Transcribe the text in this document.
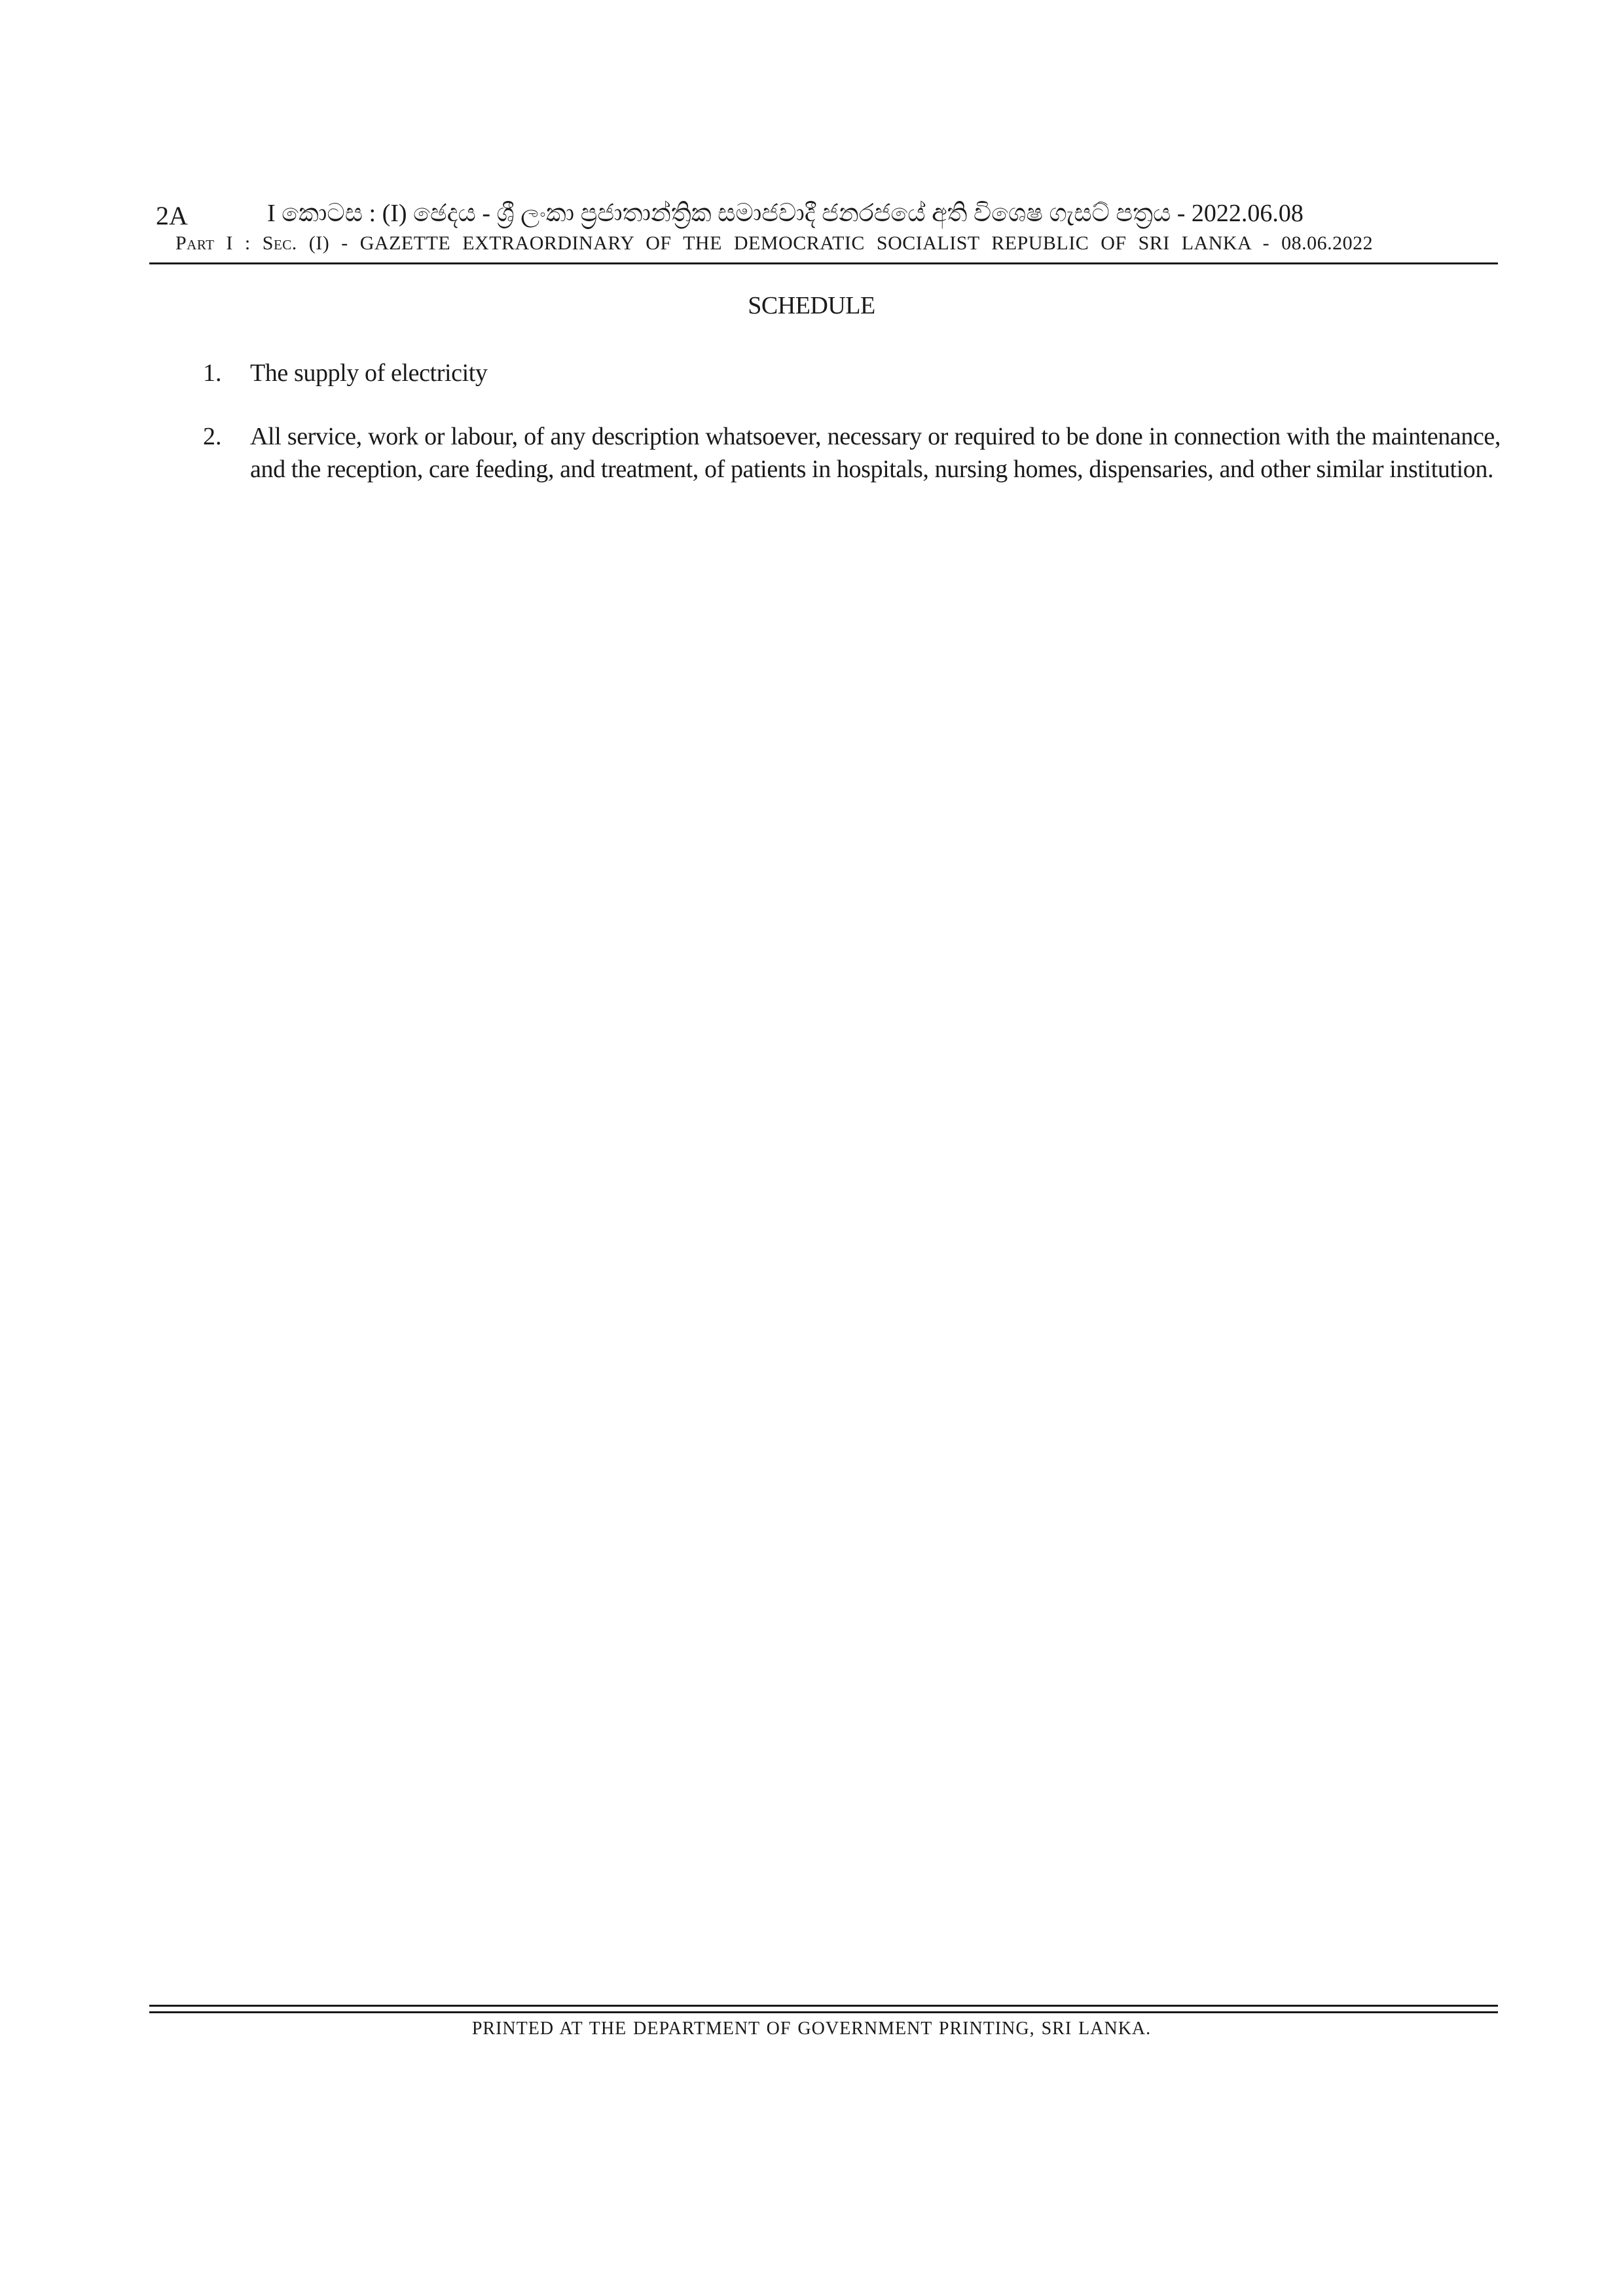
2A	I කොටස : (I) ඡෙදය - ශ්‍රී ලංකා ප්‍රජාතාන්ත්‍රික සමාජවාදී ජනරජයේ අති විශෙෂ ගැසට් පත්‍රය - 2022.06.08
Part I : Sec. (I) - GAZETTE EXTRAORDINARY OF THE DEMOCRATIC SOCIALIST REPUBLIC OF SRI LANKA - 08.06.2022
SCHEDULE
1. The supply of electricity
2. All service, work or labour, of any description whatsoever, necessary or required to be done in connection with the maintenance, and the reception, care feeding, and treatment, of patients in hospitals, nursing homes, dispensaries, and other similar institution.
PRINTED AT THE DEPARTMENT OF GOVERNMENT PRINTING, SRI LANKA.
